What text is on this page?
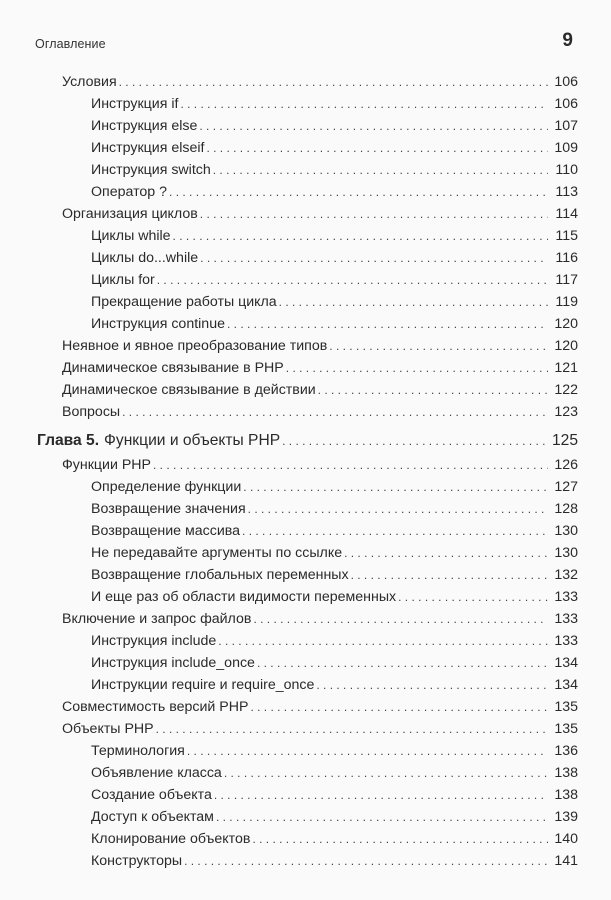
Оглавление	9
Условия . . .	106
Инструкция if . . .	106
Инструкция else . . .	107
Инструкция elseif . . .	109
Инструкция switch . . .	110
Оператор ? . . .	113
Организация циклов . . .	114
Циклы while . . .	115
Циклы do...while . . .	116
Циклы for . . .	117
Прекращение работы цикла . . .	119
Инструкция continue . . .	120
Неявное и явное преобразование типов . . .	120
Динамическое связывание в PHP . . .	121
Динамическое связывание в действии . . .	122
Вопросы . . .	123
Глава 5. Функции и объекты PHP . . .	125
Функции PHP . . .	126
Определение функции . . .	127
Возвращение значения . . .	128
Возвращение массива . . .	130
Не передавайте аргументы по ссылке . . .	130
Возвращение глобальных переменных . . .	132
И еще раз об области видимости переменных . . .	133
Включение и запрос файлов . . .	133
Инструкция include . . .	133
Инструкция include_once . . .	134
Инструкции require и require_once . . .	134
Совместимость версий PHP . . .	135
Объекты PHP . . .	135
Терминология . . .	136
Объявление класса . . .	138
Создание объекта . . .	138
Доступ к объектам . . .	139
Клонирование объектов . . .	140
Конструкторы . . .	141
